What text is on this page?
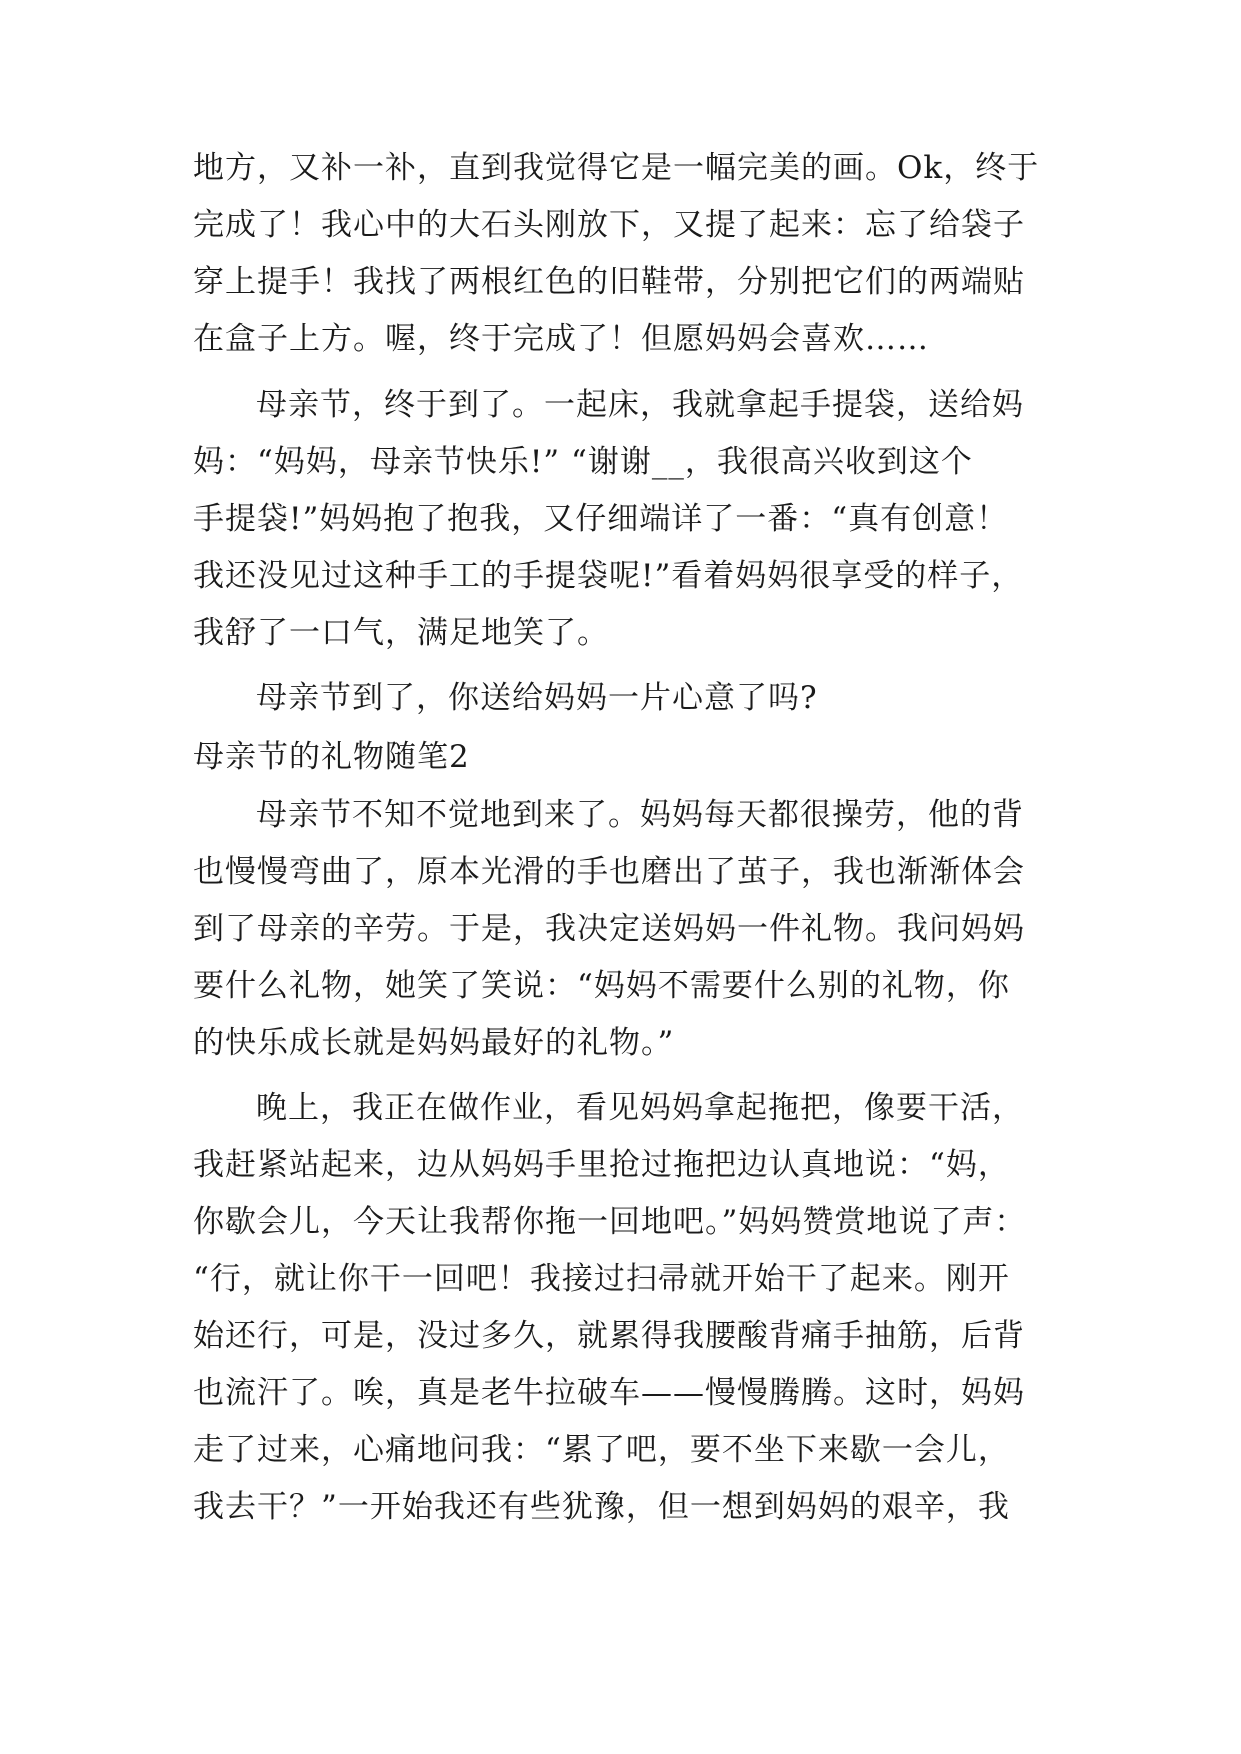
地方，又补一补，直到我觉得它是一幅完美的画。Ok，终于
完成了！我心中的大石头刚放下，又提了起来：忘了给袋子
穿上提手！我找了两根红色的旧鞋带，分别把它们的两端贴
在盒子上方。喔，终于完成了！但愿妈妈会喜欢……
母亲节，终于到了。一起床，我就拿起手提袋，送给妈
妈：“妈妈，母亲节快乐!” “谢谢__，我很高兴收到这个
手提袋!”妈妈抱了抱我，又仔细端详了一番：“真有创意！
我还没见过这种手工的手提袋呢!”看着妈妈很享受的样子，
我舒了一口气，满足地笑了。
母亲节到了，你送给妈妈一片心意了吗?
母亲节的礼物随笔2
母亲节不知不觉地到来了。妈妈每天都很操劳，他的背
也慢慢弯曲了，原本光滑的手也磨出了茧子，我也渐渐体会
到了母亲的辛劳。于是，我决定送妈妈一件礼物。我问妈妈
要什么礼物，她笑了笑说：“妈妈不需要什么别的礼物，你
的快乐成长就是妈妈最好的礼物。”
晚上，我正在做作业，看见妈妈拿起拖把，像要干活，
我赶紧站起来，边从妈妈手里抢过拖把边认真地说：“妈，
你歇会儿，今天让我帮你拖一回地吧。”妈妈赞赏地说了声：
“行，就让你干一回吧！我接过扫帚就开始干了起来。刚开
始还行，可是，没过多久，就累得我腰酸背痛手抽筋，后背
也流汗了。唉，真是老牛拉破车——慢慢腾腾。这时，妈妈
走了过来，心痛地问我：“累了吧，要不坐下来歇一会儿，
我去干？”一开始我还有些犹豫，但一想到妈妈的艰辛，我
